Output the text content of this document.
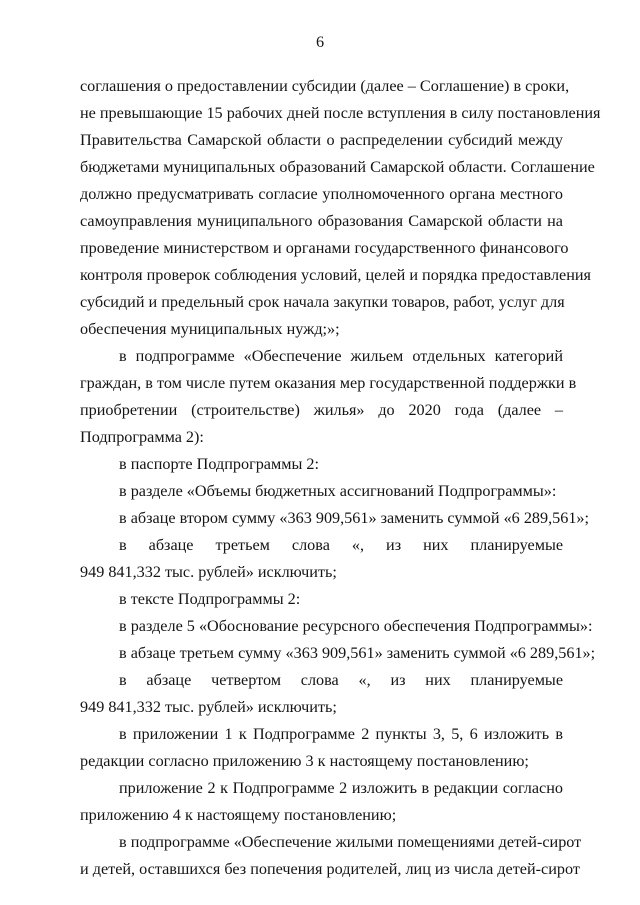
6
соглашения о предоставлении субсидии (далее – Соглашение) в сроки,
не превышающие 15 рабочих дней после вступления в силу постановления
Правительства Самарской области о распределении субсидий между
бюджетами муниципальных образований Самарской области. Соглашение
должно предусматривать согласие уполномоченного органа местного
самоуправления муниципального образования Самарской области на
проведение министерством и органами государственного финансового
контроля проверок соблюдения условий, целей и порядка предоставления
субсидий и предельный срок начала закупки товаров, работ, услуг для
обеспечения муниципальных нужд;»;
в подпрограмме «Обеспечение жильем отдельных категорий
граждан, в том числе путем оказания мер государственной поддержки в
приобретении (строительстве) жилья» до 2020 года (далее –
Подпрограмма 2):
в паспорте Подпрограммы 2:
в разделе «Объемы бюджетных ассигнований Подпрограммы»:
в абзаце втором сумму «363 909,561» заменить суммой «6 289,561»;
в абзаце третьем слова «, из них планируемые
949 841,332 тыс. рублей» исключить;
в тексте Подпрограммы 2:
в разделе 5 «Обоснование ресурсного обеспечения Подпрограммы»:
в абзаце третьем сумму «363 909,561» заменить суммой «6 289,561»;
в абзаце четвертом слова «, из них планируемые
949 841,332 тыс. рублей» исключить;
в приложении 1 к Подпрограмме 2 пункты 3, 5, 6 изложить в
редакции согласно приложению 3 к настоящему постановлению;
приложение 2 к Подпрограмме 2 изложить в редакции согласно
приложению 4 к настоящему постановлению;
в подпрограмме «Обеспечение жилыми помещениями детей-сирот
и детей, оставшихся без попечения родителей, лиц из числа детей-сирот
